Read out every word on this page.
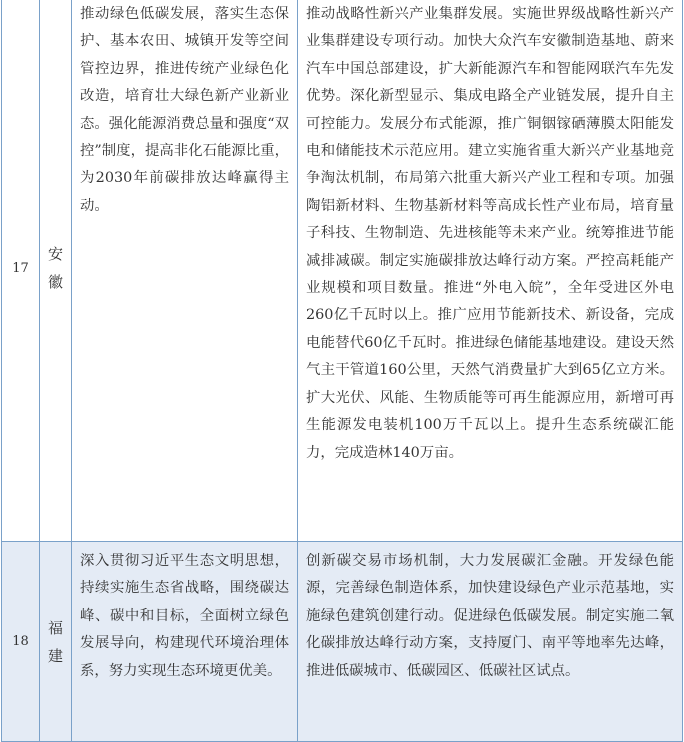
17	安徽	推动绿色低碳发展，落实生态保护、基本农田、城镇开发等空间管控边界，推进传统产业绿色化改造，培育壮大绿色新产业新业态。强化能源消费总量和强度“双控”制度，提高非化石能源比重，为2030年前碳排放达峰赢得主动。	推动战略性新兴产业集群发展。实施世界级战略性新兴产业集群建设专项行动。加快大众汽车安徽制造基地、蔚来汽车中国总部建设，扩大新能源汽车和智能网联汽车先发优势。深化新型显示、集成电路全产业链发展，提升自主可控能力。发展分布式能源，推广铜铟镓硒薄膜太阳能发电和储能技术示范应用。建立实施省重大新兴产业基地竞争淘汰机制，布局第六批重大新兴产业工程和专项。加强陶铝新材料、生物基新材料等高成长性产业布局，培育量子科技、生物制造、先进核能等未来产业。统筹推进节能减排减碳。制定实施碳排放达峰行动方案。严控高耗能产业规模和项目数量。推进“外电入皖”，全年受进区外电260亿千瓦时以上。推广应用节能新技术、新设备，完成电能替代60亿千瓦时。推进绿色储能基地建设。建设天然气主干管道160公里，天然气消费量扩大到65亿立方米。扩大光伏、风能、生物质能等可再生能源应用，新增可再生能源发电装机100万千瓦以上。提升生态系统碳汇能力，完成造林140万亩。
18	福建	深入贯彻习近平生态文明思想，持续实施生态省战略，围绕碳达峰、碳中和目标，全面树立绿色发展导向，构建现代环境治理体系，努力实现生态环境更优美。	创新碳交易市场机制，大力发展碳汇金融。开发绿色能源，完善绿色制造体系，加快建设绿色产业示范基地，实施绿色建筑创建行动。促进绿色低碳发展。制定实施二氧化碳排放达峰行动方案，支持厦门、南平等地率先达峰，推进低碳城市、低碳园区、低碳社区试点。
